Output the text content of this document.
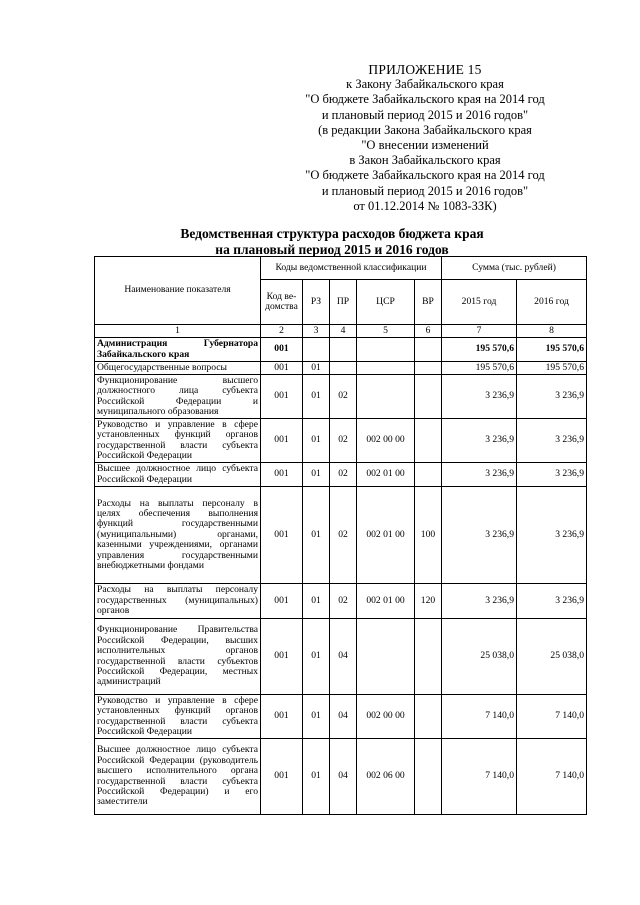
ПРИЛОЖЕНИЕ 15
к Закону Забайкальского края
"О бюджете Забайкальского края на 2014 год
и плановый период 2015 и 2016 годов"
(в редакции Закона Забайкальского края
"О внесении изменений
в Закон Забайкальского края
"О бюджете Забайкальского края на 2014 год
и плановый период 2015 и 2016 годов"
от 01.12.2014 № 1083-ЗЗК)
Ведомственная структура расходов бюджета края
на плановый период 2015 и 2016 годов
Наименование показателя	Коды ведомственной классификации					Сумма (тыс. рублей)	
	Код ве-домства	РЗ	ПР	ЦСР	ВР	2015 год	2016 год
1	2	3	4	5	6	7	8
Администрация Губернатора Забайкальского края	001					195 570,6	195 570,6
Общегосударственные вопросы	001	01				195 570,6	195 570,6
Функционирование высшего должностного лица субъекта Российской Федерации и муниципального образования	001	01	02			3 236,9	3 236,9
Руководство и управление в сфере установленных функций органов государственной власти субъекта Российской Федерации	001	01	02	002 00 00		3 236,9	3 236,9
Высшее должностное лицо субъекта Российской Федерации	001	01	02	002 01 00		3 236,9	3 236,9
Расходы на выплаты персоналу в целях обеспечения выполнения функций государственными (муниципальными) органами, казенными учреждениями, органами управления государственными внебюджетными фондами	001	01	02	002 01 00	100	3 236,9	3 236,9
Расходы на выплаты персоналу государственных (муниципальных) органов	001	01	02	002 01 00	120	3 236,9	3 236,9
Функционирование Правительства Российской Федерации, высших исполнительных органов государственной власти субъектов Российской Федерации, местных администраций	001	01	04			25 038,0	25 038,0
Руководство и управление в сфере установленных функций органов государственной власти субъекта Российской Федерации	001	01	04	002 00 00		7 140,0	7 140,0
Высшее должностное лицо субъекта Российской Федерации (руководитель высшего исполнительного органа государственной власти субъекта Российской Федерации) и его заместители	001	01	04	002 06 00		7 140,0	7 140,0
